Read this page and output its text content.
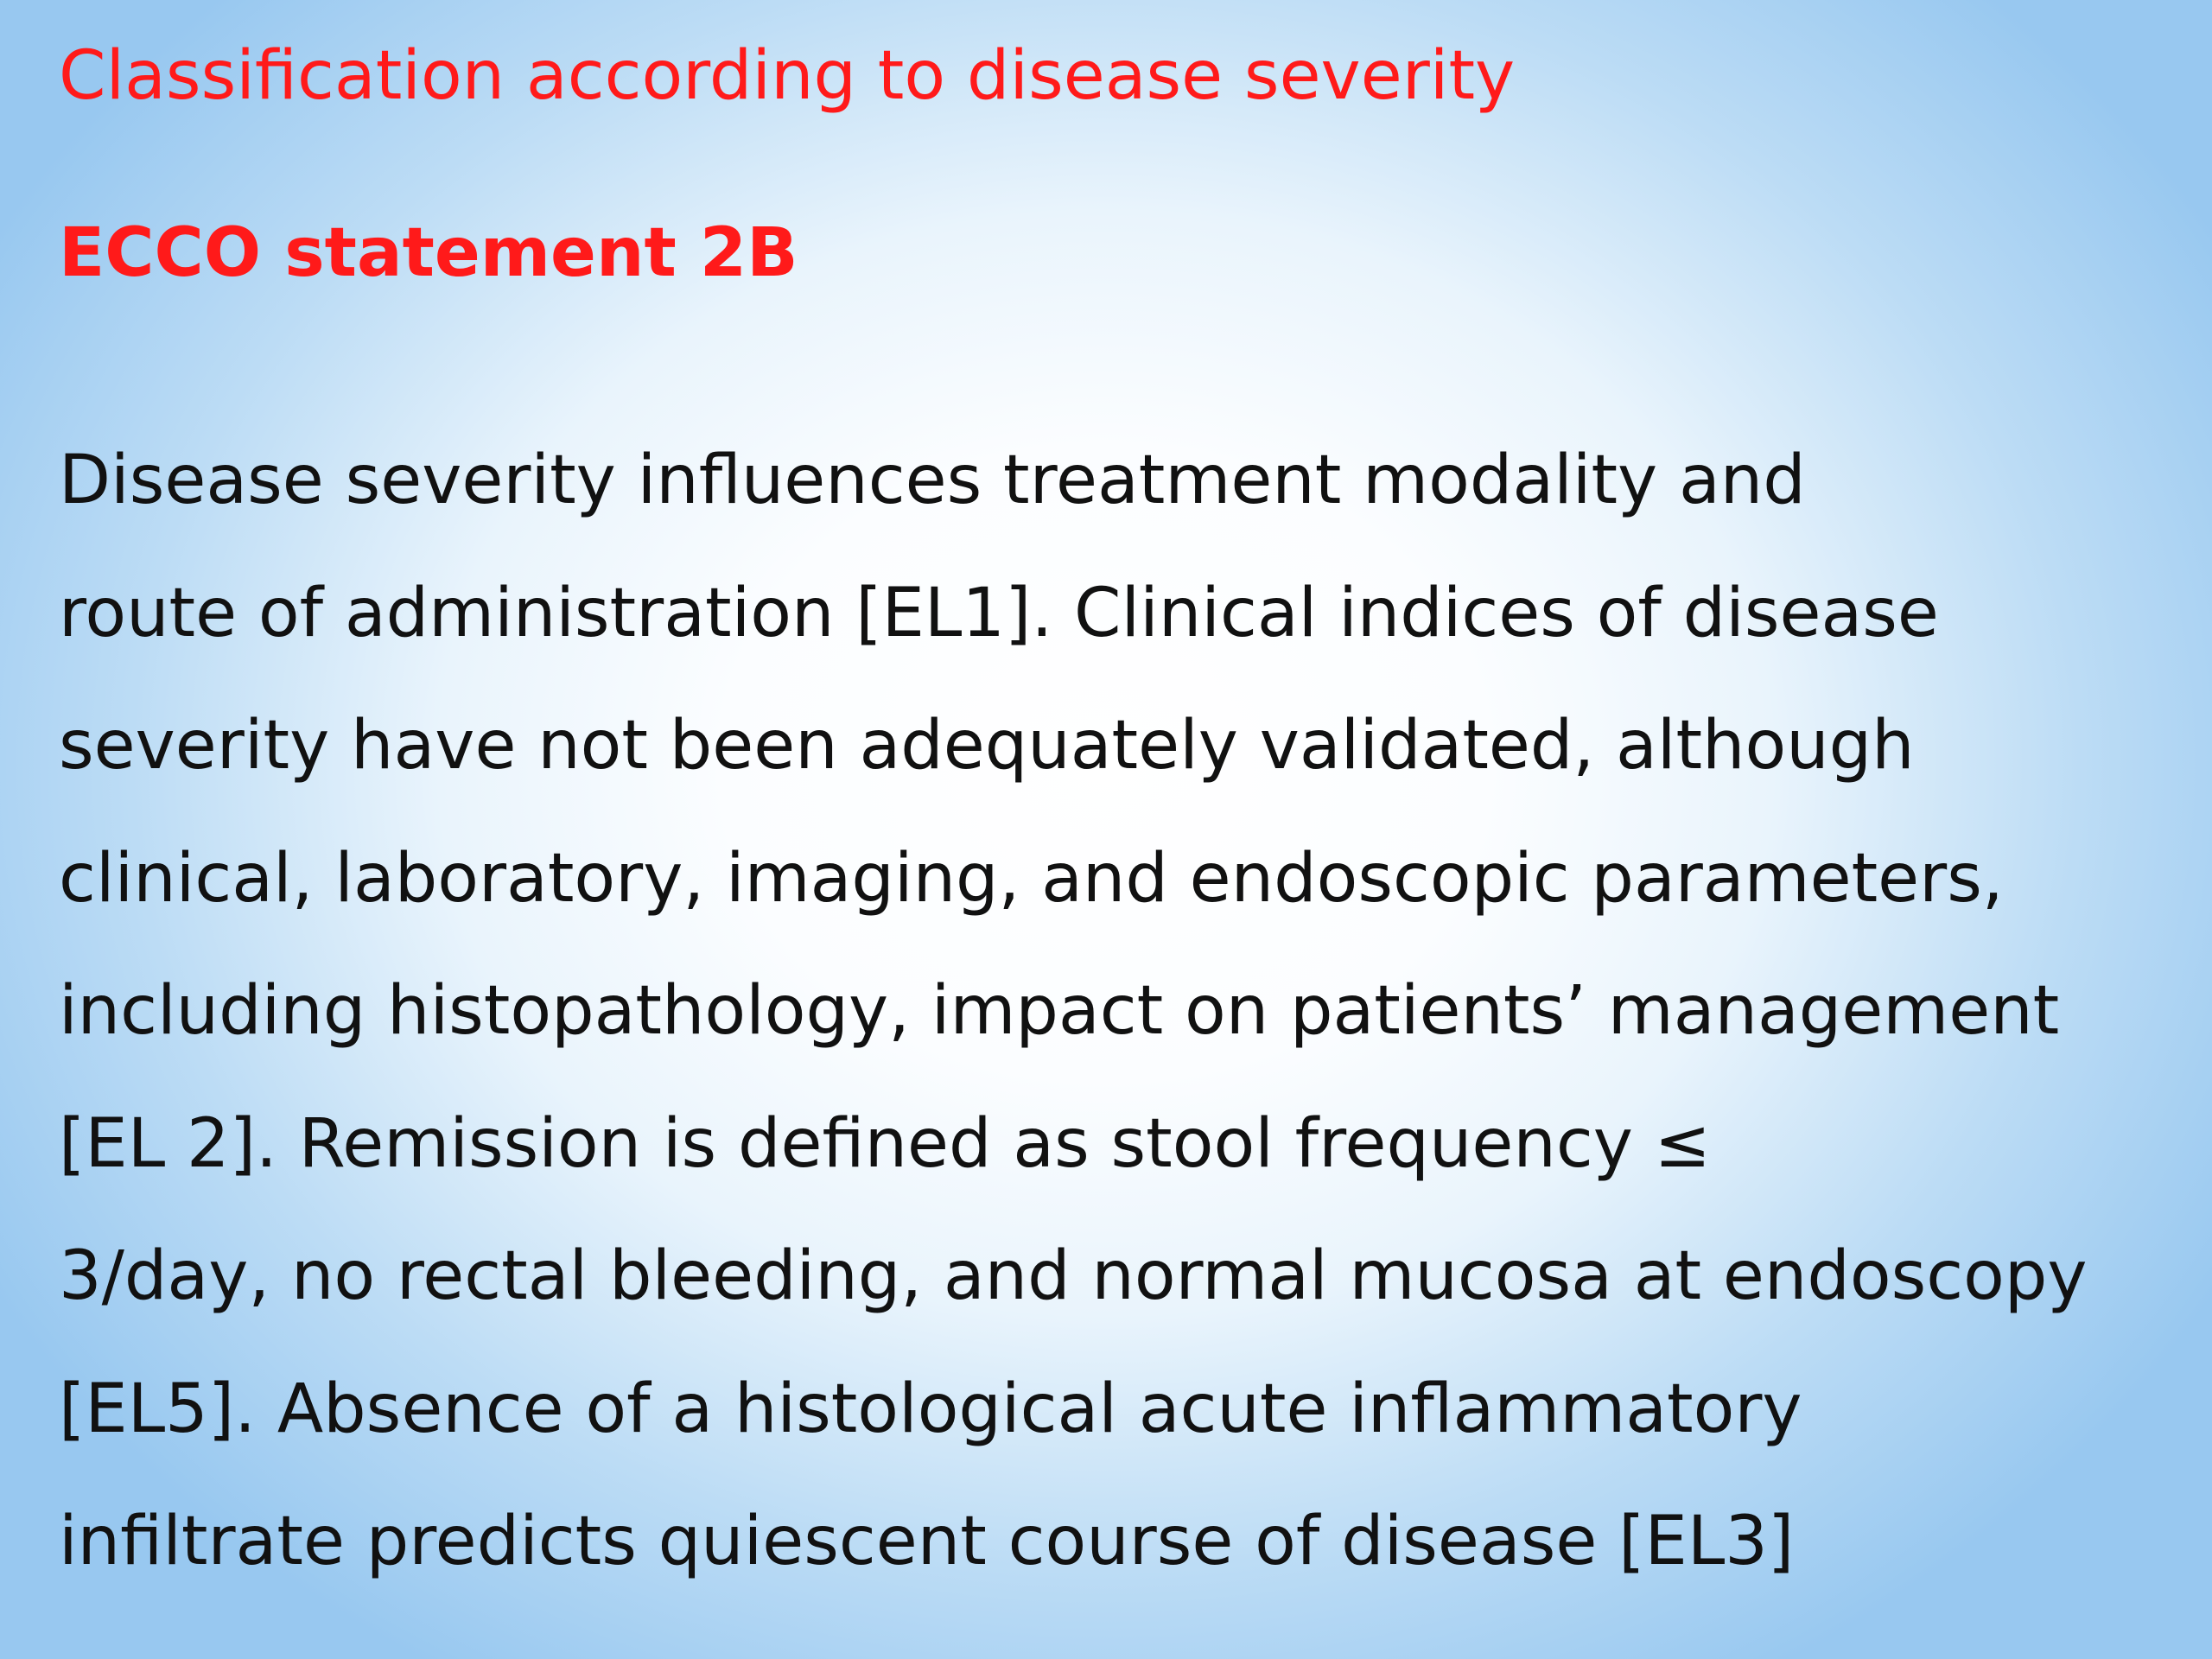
Classification according to disease severity
ECCO statement 2B
Disease severity influences treatment modality and
route of administration [EL1]. Clinical indices of disease
severity have not been adequately validated, although
clinical, laboratory, imaging, and endoscopic parameters,
including histopathology, impact on patients’ management
[EL 2]. Remission is defined as stool frequency ≤
3/day, no rectal bleeding, and normal mucosa at endoscopy
[EL5]. Absence of a histological acute inflammatory
infiltrate predicts quiescent course of disease [EL3]
